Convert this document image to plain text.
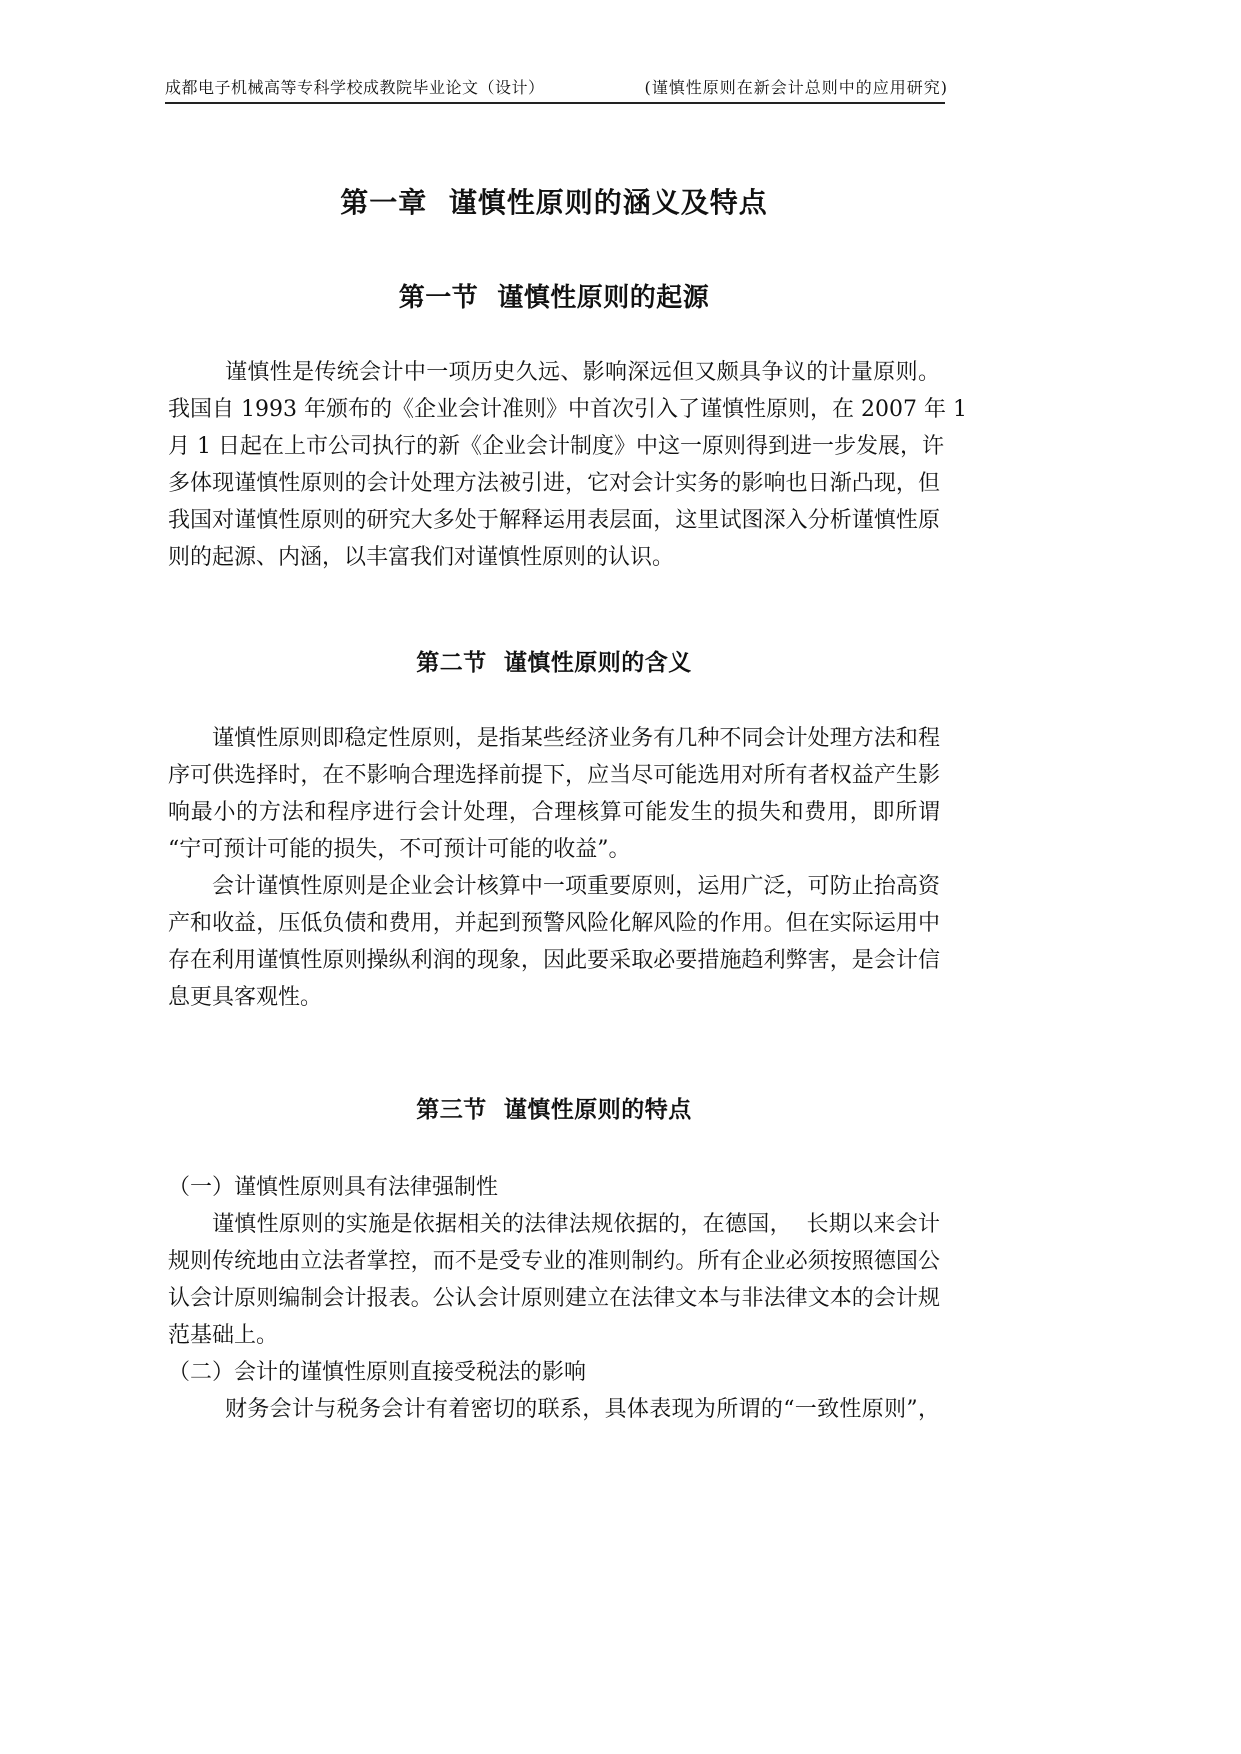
成都电子机械高等专科学校成教院毕业论文（设计）	(谨慎性原则在新会计总则中的应用研究)
第一章  谨慎性原则的涵义及特点
第一节  谨慎性原则的起源
谨慎性是传统会计中一项历史久远、影响深远但又颇具争议的计量原则。
我国自 1993 年颁布的《企业会计准则》中首次引入了谨慎性原则，在 2007 年 1
月 1 日起在上市公司执行的新《企业会计制度》中这一原则得到进一步发展，许
多体现谨慎性原则的会计处理方法被引进，它对会计实务的影响也日渐凸现，但
我国对谨慎性原则的研究大多处于解释运用表层面，这里试图深入分析谨慎性原
则的起源、内涵，以丰富我们对谨慎性原则的认识。
第二节  谨慎性原则的含义
谨慎性原则即稳定性原则，是指某些经济业务有几种不同会计处理方法和程
序可供选择时，在不影响合理选择前提下，应当尽可能选用对所有者权益产生影
响最小的方法和程序进行会计处理，合理核算可能发生的损失和费用，即所谓
“宁可预计可能的损失，不可预计可能的收益”。
会计谨慎性原则是企业会计核算中一项重要原则，运用广泛，可防止抬高资
产和收益，压低负债和费用，并起到预警风险化解风险的作用。但在实际运用中
存在利用谨慎性原则操纵利润的现象，因此要采取必要措施趋利弊害，是会计信
息更具客观性。
第三节  谨慎性原则的特点
（一）谨慎性原则具有法律强制性
谨慎性原则的实施是依据相关的法律法规依据的，在德国，  长期以来会计
规则传统地由立法者掌控，而不是受专业的准则制约。所有企业必须按照德国公
认会计原则编制会计报表。公认会计原则建立在法律文本与非法律文本的会计规
范基础上。
（二）会计的谨慎性原则直接受税法的影响
财务会计与税务会计有着密切的联系，具体表现为所谓的“一致性原则”，
